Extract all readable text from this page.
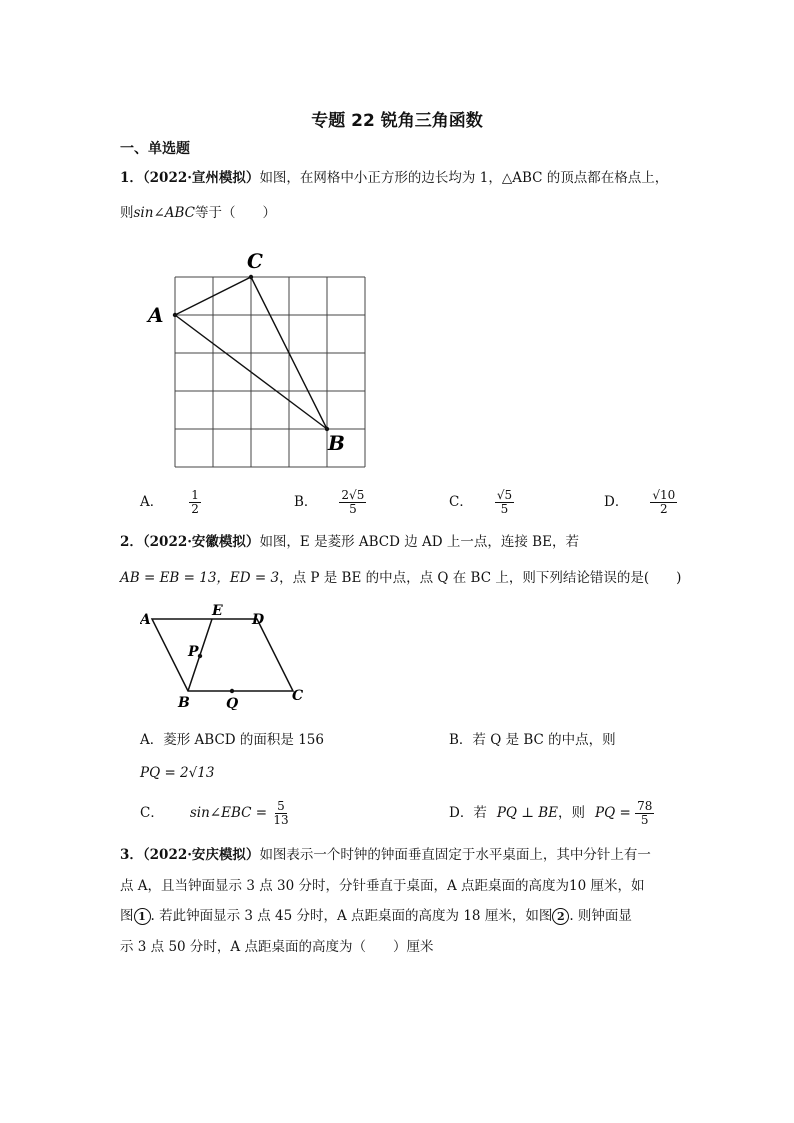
专题 22 锐角三角函数
一、单选题
1．（2022·宣州模拟）如图，在网格中小正方形的边长均为 1，△ABC 的顶点都在格点上，
则sin∠ABC等于（　　）
A
C
B
A． $\frac{1}{2}$	B． $\frac{2√5}{5}$	C． $\frac{√5}{5}$	D． $\frac{√10}{2}$
2．（2022·安徽模拟）如图，E 是菱形 ABCD 边 AD 上一点，连接 BE，若
AB = EB = 13，ED = 3，点 P 是 BE 的中点，点 Q 在 BC 上，则下列结论错误的是(　　)
A
E
D
P
B	Q	C
A．菱形 ABCD 的面积是 156	B．若 Q 是 BC 的中点，则
PQ = 2√13
C． sin∠EBC = $\frac{5}{13}$	D．若 PQ ⊥ BE，则 PQ = $\frac{78}{5}$
3．（2022·安庆模拟）如图表示一个时钟的钟面垂直固定于水平桌面上，其中分针上有一
点 A，且当钟面显示 3 点 30 分时，分针垂直于桌面，A 点距桌面的高度为10 厘米，如
图 1 . 若此钟面显示 3 点 45 分时，A 点距桌面的高度为 18 厘米，如图 2 . 则钟面显
示 3 点 50 分时，A 点距桌面的高度为（　　）厘米
